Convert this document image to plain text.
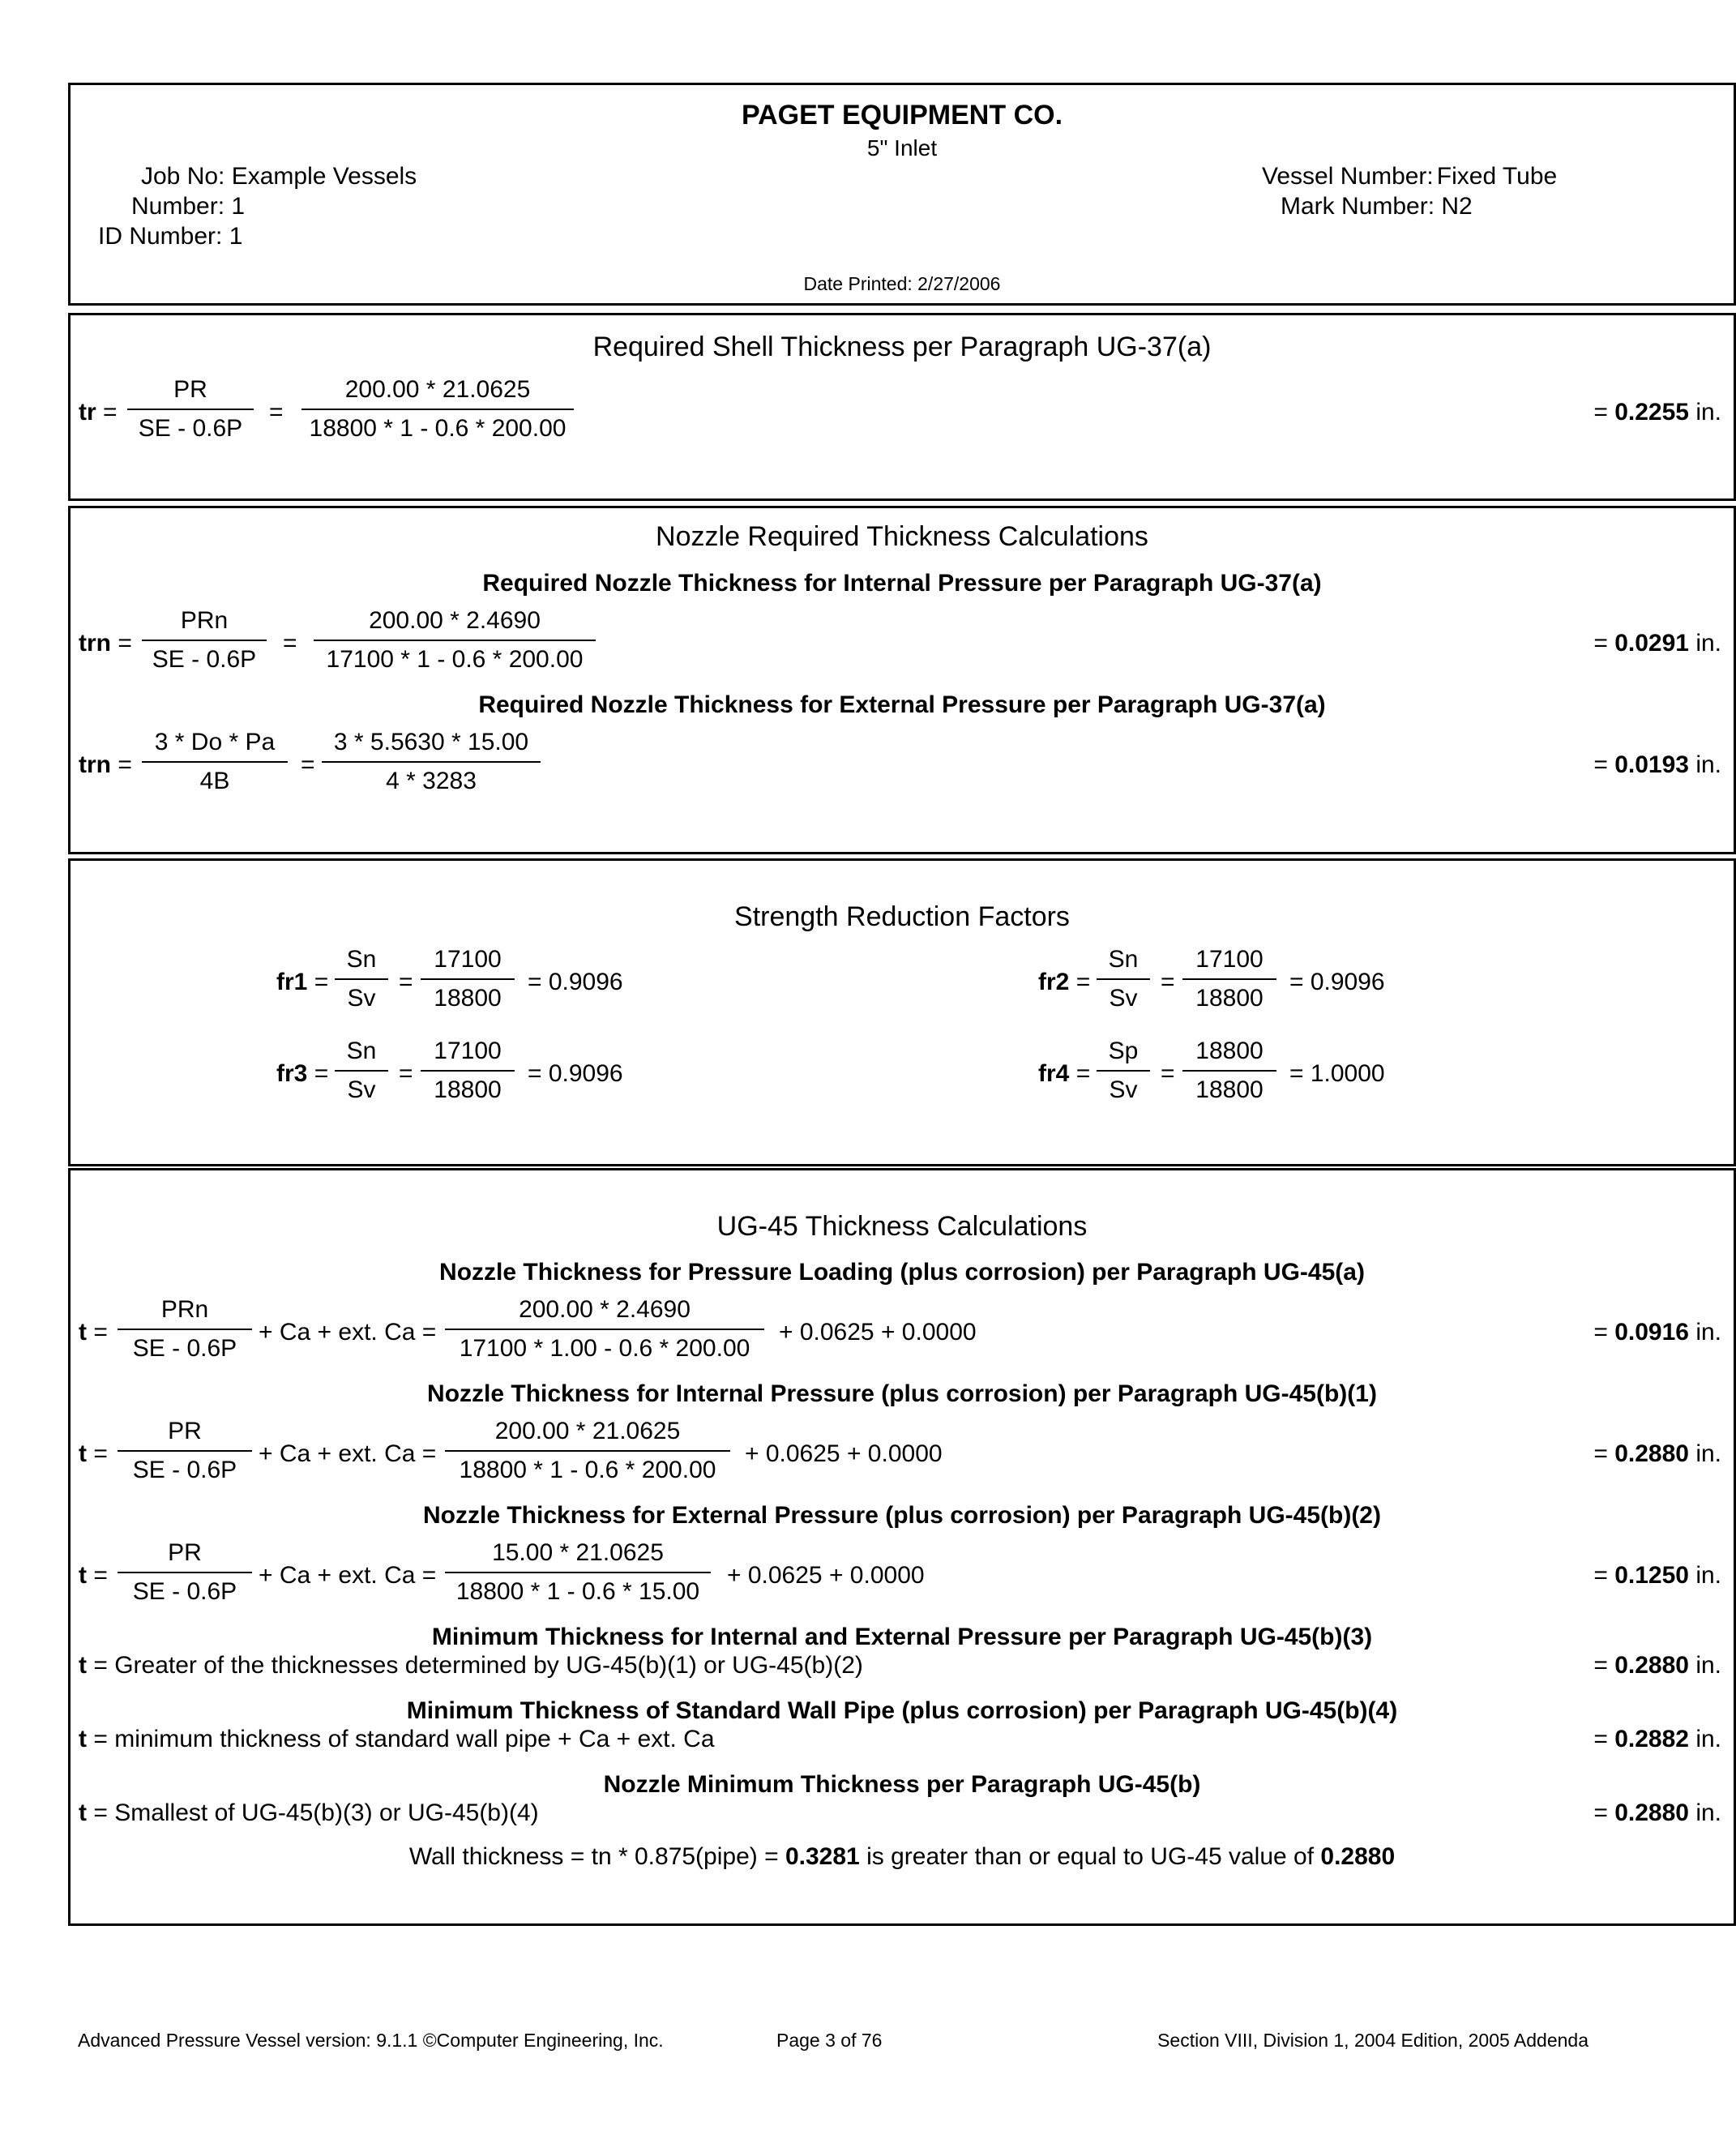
PAGET EQUIPMENT CO.
5" Inlet
Job No: Example Vessels
Number: 1
ID Number: 1
Vessel Number: Fixed Tube
Mark Number: N2
Date Printed: 2/27/2006
Required Shell Thickness per Paragraph UG-37(a)
tr = $\frac{PR}{SE - 0.6P} = \frac{200.00 * 21.0625}{18800 * 1 - 0.6 * 200.00}$	= 0.2255 in.
Nozzle Required Thickness Calculations
Required Nozzle Thickness for Internal Pressure per Paragraph UG-37(a)
trn =
PRn
SE - 0.6P
= $\frac{200.00 * 2.4690}{17100 * 1 - 0.6 * 200.00}$	= 0.0291 in.
Required Nozzle Thickness for External Pressure per Paragraph UG-37(a)
trn = $\frac{3 * Do * Pa}{4B} = \frac{3 * 5.5630 * 15.00}{4 * 3283}$	= 0.0193 in.
Strength Reduction Factors
$fr1 = \frac{Sn}{Sv} = \frac{17100}{18800} = 0.9096$	$fr2 = \frac{Sn}{Sv} = \frac{17100}{18800} = 0.9096$
$fr3 = \frac{Sn}{Sv} = \frac{17100}{18800} = 0.9096$	$fr4 = \frac{Sp}{Sv} = \frac{18800}{18800} = 1.0000$
UG-45 Thickness Calculations
Nozzle Thickness for Pressure Loading (plus corrosion) per Paragraph UG-45(a)
t =
PRn
SE - 0.6P
+ Ca + ext. $Ca = \frac{200.00 * 2.4690}{17100 * 1.00 - 0.6 * 200.00} + 0.0625 + 0.0000$	= 0.0916 in.
Nozzle Thickness for Internal Pressure (plus corrosion) per Paragraph UG-45(b)(1)
$t = \frac{PR}{SE - 0.6P} + Ca$ + ext. $Ca = \frac{200.00 * 21.0625}{18800 * 1 - 0.6 * 200.00} + 0.0625 + 0.0000$	= 0.2880 in.
Nozzle Thickness for External Pressure (plus corrosion) per Paragraph UG-45(b)(2)
$t = \frac{PR}{SE - 0.6P} + Ca$ + ext. $Ca = \frac{15.00 * 21.0625}{18800 * 1 - 0.6 * 15.00} + 0.0625 + 0.0000$	= 0.1250 in.
Minimum Thickness for Internal and External Pressure per Paragraph UG-45(b)(3)
t = Greater of the thicknesses determined by UG-45(b)(1) or UG-45(b)(2)	= 0.2880 in.
Minimum Thickness of Standard Wall Pipe (plus corrosion) per Paragraph UG-45(b)(4)
t = minimum thickness of standard wall pipe + Ca + ext. Ca	= 0.2882 in.
Nozzle Minimum Thickness per Paragraph UG-45(b)
t = Smallest of UG-45(b)(3) or UG-45(b)(4)	= 0.2880 in.
Wall thickness = tn * 0.875(pipe) = 0.3281 is greater than or equal to UG-45 value of 0.2880
Advanced Pressure Vessel version: 9.1.1 ©Computer Engineering, Inc.	Page 3 of 76	Section VIII, Division 1, 2004 Edition, 2005 Addenda
